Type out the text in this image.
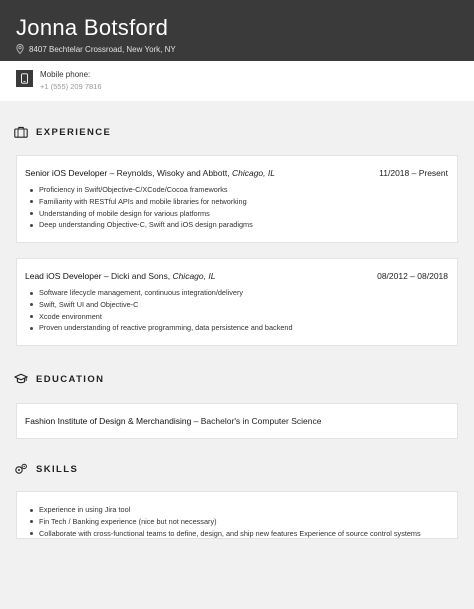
Jonna Botsford
8407 Bechtelar Crossroad, New York, NY
Mobile phone:
+1 (555) 209 7816
EXPERIENCE
Senior iOS Developer – Reynolds, Wisoky and Abbott, Chicago, IL	11/2018 – Present
Proficiency in Swift/Objective-C/XCode/Cocoa frameworks
Familiarity with RESTful APIs and mobile libraries for networking
Understanding of mobile design for various platforms
Deep understanding Objective-C, Swift and iOS design paradigms
Lead iOS Developer – Dicki and Sons, Chicago, IL	08/2012 – 08/2018
Software lifecycle management, continuous integration/delivery
Swift, Swift UI and Objective-C
Xcode environment
Proven understanding of reactive programming, data persistence and backend
EDUCATION
Fashion Institute of Design & Merchandising – Bachelor's in Computer Science
SKILLS
Experience in using Jira tool
Fin Tech / Banking experience (nice but not necessary)
Collaborate with cross-functional teams to define, design, and ship new features Experience of source control systems
